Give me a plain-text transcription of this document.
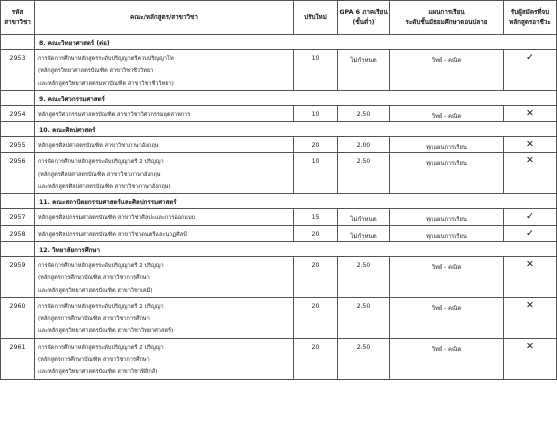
รหัส
สาขาวิชา	คณะ/หลักสูตร/สาขาวิชา	ปรับใหม่	GPA 6 ภาคเรียน
(ขั้นต่ำ)	แผนการเรียน
ระดับชั้นมัธยมศึกษาตอนปลาย	รับผู้สมัครที่จบ
หลักสูตรอาชีวะ

	8. คณะวิทยาศาสตร์ (ต่อ)				

2953	การจัดการศึกษาหลักสูตรระดับปริญญาตรีควบปริญญาโท
(หลักสูตรวิทยาศาสตรบัณฑิต สาขาวิชาชีววิทยา
และหลักสูตรวิทยาศาสตรมหาบัณฑิต สาขาวิชาชีววิทยา)	10	ไม่กำหนด	วิทย์ - คณิต	✓

	9. คณะวิศวกรรมศาสตร์				

2954	หลักสูตรวิศวกรรมศาสตรบัณฑิต สาขาวิชาวิศวกรรมอุตสาหการ	10	2.50	วิทย์ - คณิต	✕

	10. คณะศิลปศาสตร์				

2955	หลักสูตรศิลปศาสตรบัณฑิต สาขาวิชาภาษาอังกฤษ	20	2.00	ทุกแผนการเรียน	✕
2956	การจัดการศึกษาหลักสูตรระดับปริญญาตรี 2 ปริญญา
(หลักสูตรศิลปศาสตรบัณฑิต สาขาวิชาภาษาอังกฤษ
และหลักสูตรศิลปศาสตรบัณฑิต สาขาวิชาภาษาอังกฤษ)	10	2.50	ทุกแผนการเรียน	✕

	11. คณะสถาปัตยกรรมศาสตร์และศิลปกรรมศาสตร์				

2957	หลักสูตรศิลปกรรมศาสตรบัณฑิต สาขาวิชาศิลปะและการออกแบบ	15	ไม่กำหนด	ทุกแผนการเรียน	✓
2958	หลักสูตรศิลปกรรมศาสตรบัณฑิต สาขาวิชาดนตรีและนาฏศิลป์	20	ไม่กำหนด	ทุกแผนการเรียน	✓

	12. วิทยาลัยการศึกษา				

2959	การจัดการศึกษาหลักสูตรระดับปริญญาตรี 2 ปริญญา
(หลักสูตรการศึกษาบัณฑิต สาขาวิชาการศึกษา
และหลักสูตรวิทยาศาสตรบัณฑิต สาขาวิชาเคมี)	20	2.50	วิทย์ - คณิต	✕
2960	การจัดการศึกษาหลักสูตรระดับปริญญาตรี 2 ปริญญา
(หลักสูตรการศึกษาบัณฑิต สาขาวิชาการศึกษา
และหลักสูตรวิทยาศาสตรบัณฑิต สาขาวิชาวิทยาศาสตร์)	20	2.50	วิทย์ - คณิต	✕
2961	การจัดการศึกษาหลักสูตรระดับปริญญาตรี 2 ปริญญา
(หลักสูตรการศึกษาบัณฑิต สาขาวิชาการศึกษา
และหลักสูตรวิทยาศาสตรบัณฑิต สาขาวิชาฟิสิกส์)	20	2.50	วิทย์ - คณิต	✕
